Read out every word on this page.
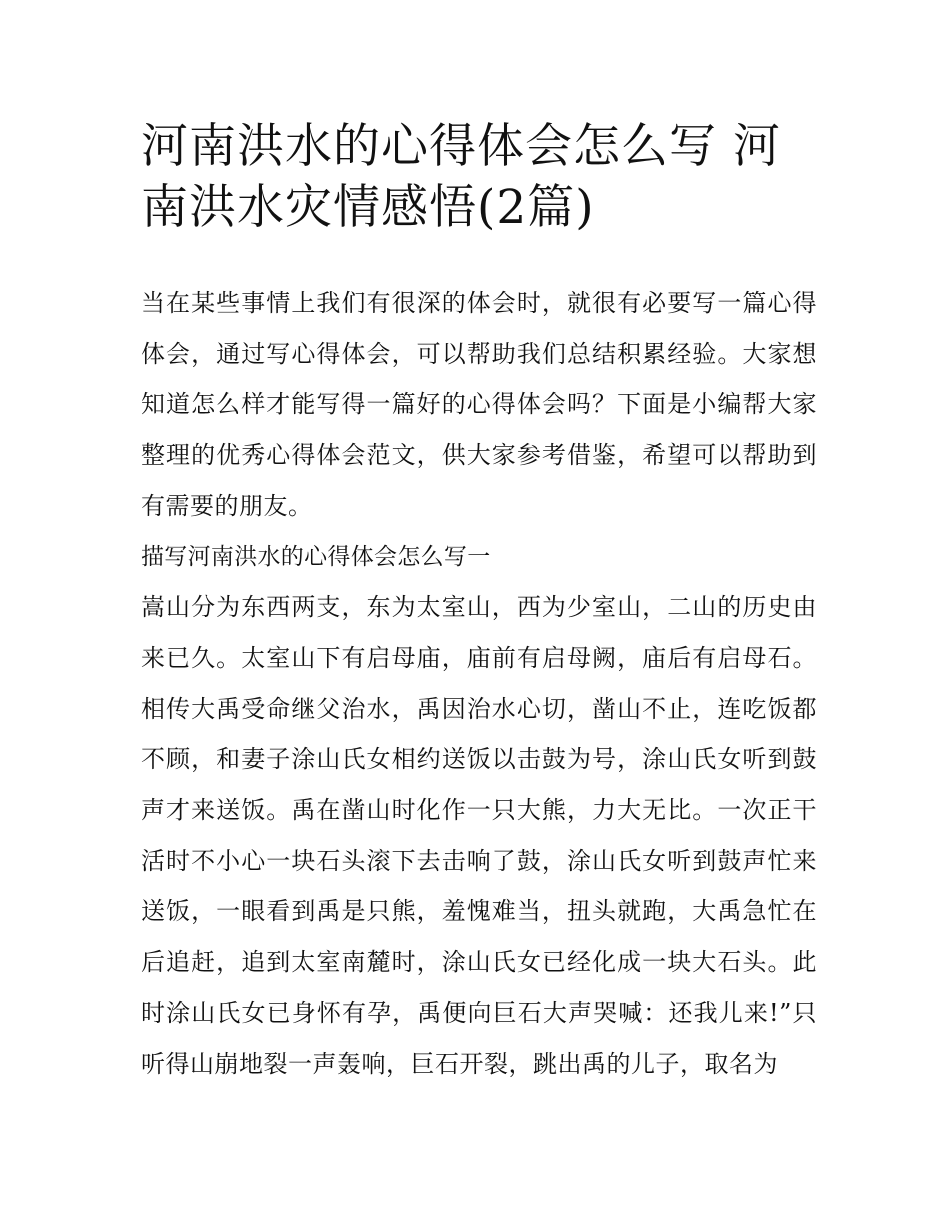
河南洪水的心得体会怎么写 河南洪水灾情感悟(2篇)

当在某些事情上我们有很深的体会时，就很有必要写一篇心得体会，通过写心得体会，可以帮助我们总结积累经验。大家想知道怎么样才能写得一篇好的心得体会吗？下面是小编帮大家整理的优秀心得体会范文，供大家参考借鉴，希望可以帮助到有需要的朋友。

描写河南洪水的心得体会怎么写一

嵩山分为东西两支，东为太室山，西为少室山，二山的历史由来已久。太室山下有启母庙，庙前有启母阙，庙后有启母石。相传大禹受命继父治水，禹因治水心切，凿山不止，连吃饭都不顾，和妻子涂山氏女相约送饭以击鼓为号，涂山氏女听到鼓声才来送饭。禹在凿山时化作一只大熊，力大无比。一次正干活时不小心一块石头滚下去击响了鼓，涂山氏女听到鼓声忙来送饭，一眼看到禹是只熊，羞愧难当，扭头就跑，大禹急忙在后追赶，追到太室南麓时，涂山氏女已经化成一块大石头。此时涂山氏女已身怀有孕，禹便向巨石大声哭喊：还我儿来!”只听得山崩地裂一声轰响，巨石开裂，跳出禹的儿子，取名为
